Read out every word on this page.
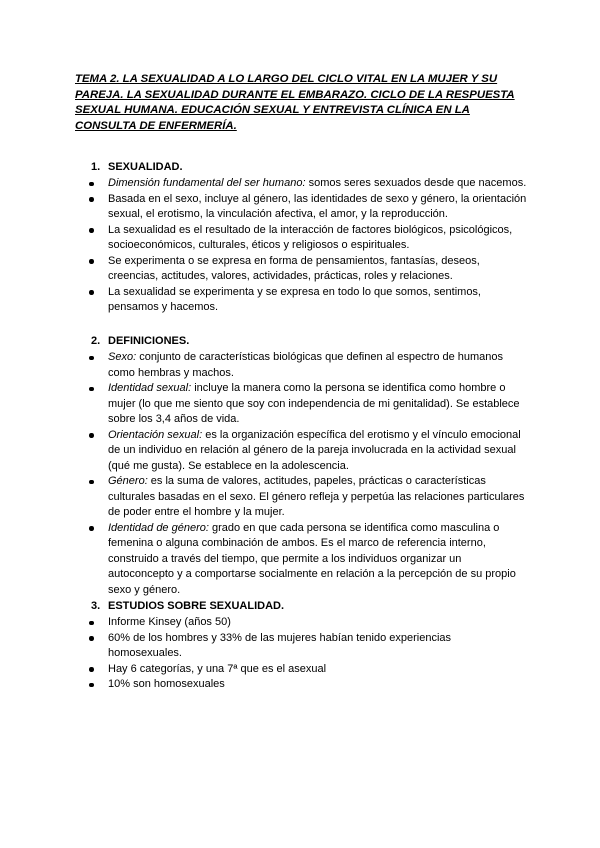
TEMA 2. LA SEXUALIDAD A LO LARGO DEL CICLO VITAL EN LA MUJER Y SU PAREJA. LA SEXUALIDAD DURANTE EL EMBARAZO. CICLO DE LA RESPUESTA SEXUAL HUMANA. EDUCACIÓN SEXUAL Y ENTREVISTA CLÍNICA EN LA CONSULTA DE ENFERMERÍA.
1. SEXUALIDAD.
Dimensión fundamental del ser humano: somos seres sexuados desde que nacemos.
Basada en el sexo, incluye al género, las identidades de sexo y género, la orientación sexual, el erotismo, la vinculación afectiva, el amor, y la reproducción.
La sexualidad es el resultado de la interacción de factores biológicos, psicológicos, socioeconómicos, culturales, éticos y religiosos o espirituales.
Se experimenta o se expresa en forma de pensamientos, fantasías, deseos, creencias, actitudes, valores, actividades, prácticas, roles y relaciones.
La sexualidad se experimenta y se expresa en todo lo que somos, sentimos, pensamos y hacemos.
2. DEFINICIONES.
Sexo: conjunto de características biológicas que definen al espectro de humanos como hembras y machos.
Identidad sexual: incluye la manera como la persona se identifica como hombre o mujer (lo que me siento que soy con independencia de mi genitalidad). Se establece sobre los 3,4 años de vida.
Orientación sexual: es la organización específica del erotismo y el vínculo emocional de un individuo en relación al género de la pareja involucrada en la actividad sexual (qué me gusta). Se establece en la adolescencia.
Género: es la suma de valores, actitudes, papeles, prácticas o características culturales basadas en el sexo. El género refleja y perpetúa las relaciones particulares de poder entre el hombre y la mujer.
Identidad de género: grado en que cada persona se identifica como masculina o femenina o alguna combinación de ambos. Es el marco de referencia interno, construido a través del tiempo, que permite a los individuos organizar un autoconcepto y a comportarse socialmente en relación a la percepción de su propio sexo y género.
3. ESTUDIOS SOBRE SEXUALIDAD.
Informe Kinsey (años 50)
60% de los hombres y 33% de las mujeres habían tenido experiencias homosexuales.
Hay 6 categorías, y una 7ª que es el asexual
10% son homosexuales
